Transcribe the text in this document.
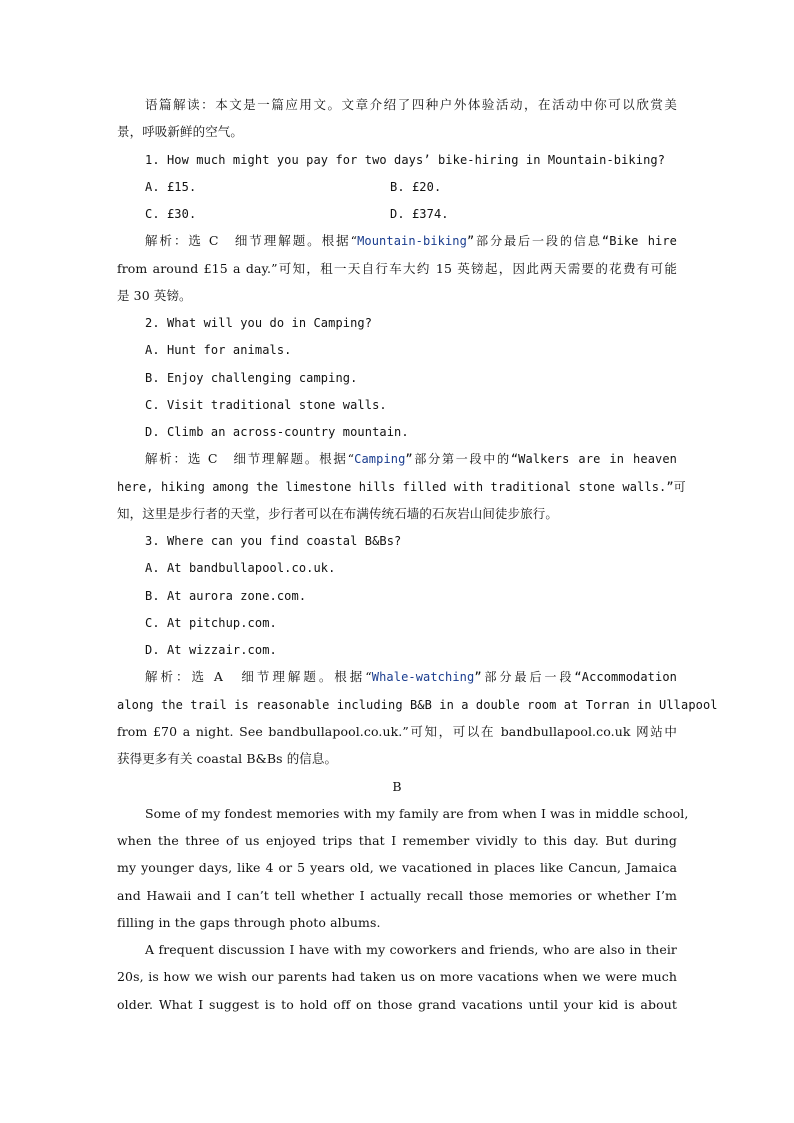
语篇解读：本文是一篇应用文。文章介绍了四种户外体验活动，在活动中你可以欣赏美
景，呼吸新鲜的空气。
1. How much might you pay for two days’ bike-hiring in Mountain-biking?
A. £15.	B. £20.
C. £30.	D. £374.
解析：选 C　细节理解题。根据“Mountain-biking”部分最后一段的信息“Bike hire
from around £15 a day.”可知，租一天自行车大约 15 英镑起，因此两天需要的花费有可能
是 30 英镑。
2. What will you do in Camping?
A. Hunt for animals.
B. Enjoy challenging camping.
C. Visit traditional stone walls.
D. Climb an across-country mountain.
解析：选 C　细节理解题。根据“Camping”部分第一段中的“Walkers are in heaven
here, hiking among the limestone hills filled with traditional stone walls.”可
知，这里是步行者的天堂，步行者可以在布满传统石墙的石灰岩山间徒步旅行。
3. Where can you find coastal B&Bs?
A. At bandbullapool.co.uk.
B. At aurora zone.com.
C. At pitchup.com.
D. At wizzair.com.
解析：选 A　细节理解题。根据“Whale-watching”部分最后一段“Accommodation
along the trail is reasonable including B&B in a double room at Torran in Ullapool
from £70 a night. See bandbullapool.co.uk.”可知，可以在 bandbullapool.co.uk 网站中
获得更多有关 coastal B&Bs 的信息。
B
Some of my fondest memories with my family are from when I was in middle school,
when the three of us enjoyed trips that I remember vividly to this day. But during
my younger days, like 4 or 5 years old, we vacationed in places like Cancun, Jamaica
and Hawaii and I can’t tell whether I actually recall those memories or whether I’m
filling in the gaps through photo albums.
A frequent discussion I have with my coworkers and friends, who are also in their
20s, is how we wish our parents had taken us on more vacations when we were much
older. What I suggest is to hold off on those grand vacations until your kid is about
